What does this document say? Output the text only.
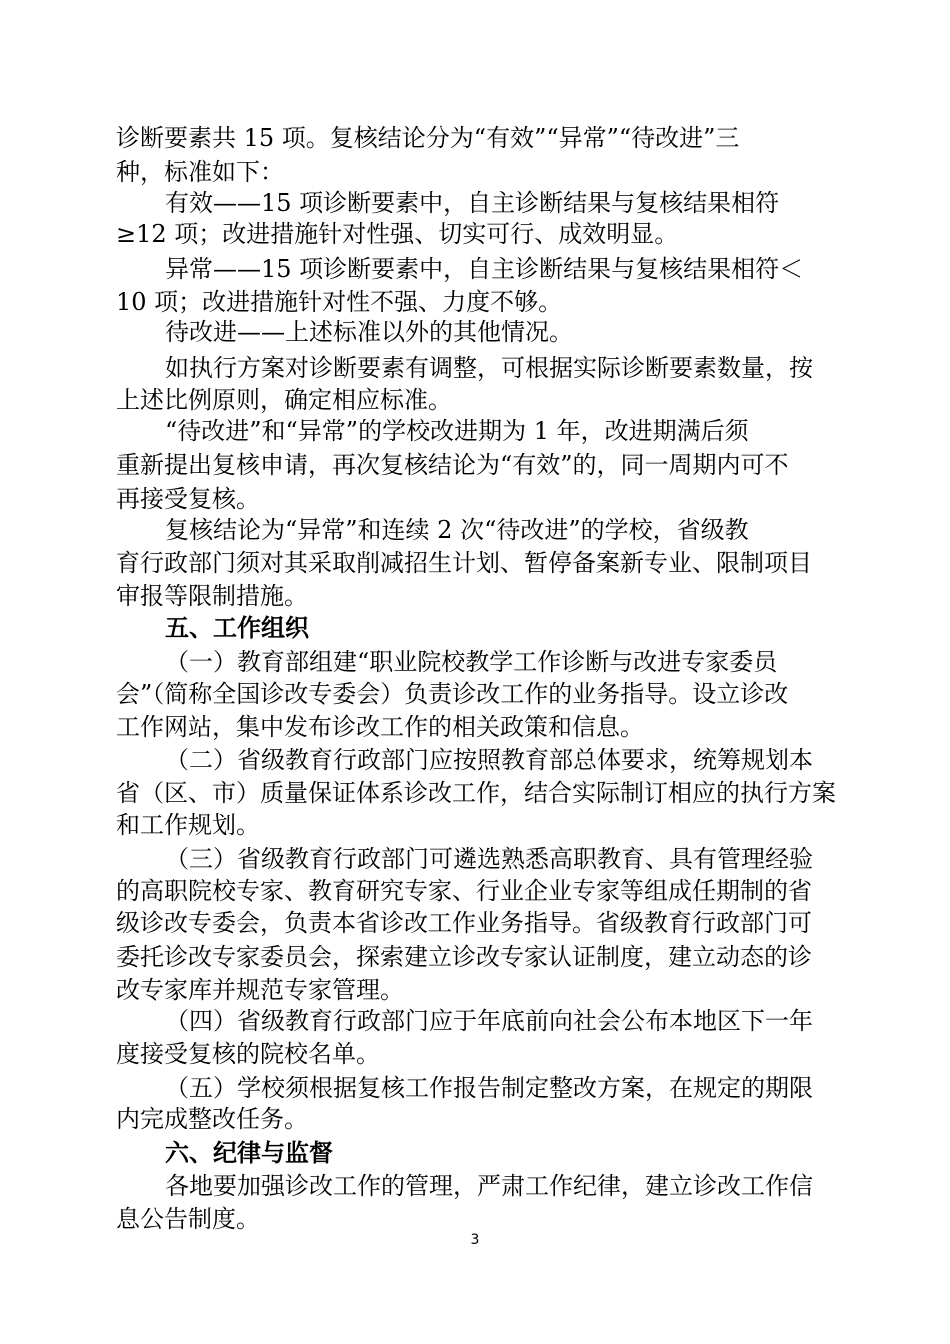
诊断要素共 15 项。复核结论分为“有效”“异常”“待改进”三
种，标准如下：
有效——15 项诊断要素中，自主诊断结果与复核结果相符
≥12 项；改进措施针对性强、切实可行、成效明显。
异常——15 项诊断要素中，自主诊断结果与复核结果相符＜
10 项；改进措施针对性不强、力度不够。
待改进——上述标准以外的其他情况。
如执行方案对诊断要素有调整，可根据实际诊断要素数量，按
上述比例原则，确定相应标准。
“待改进”和“异常”的学校改进期为 1 年，改进期满后须
重新提出复核申请，再次复核结论为“有效”的，同一周期内可不
再接受复核。
复核结论为“异常”和连续 2 次“待改进”的学校，省级教
育行政部门须对其采取削减招生计划、暂停备案新专业、限制项目
审报等限制措施。
五、工作组织
（一）教育部组建“职业院校教学工作诊断与改进专家委员
会”（简称全国诊改专委会）负责诊改工作的业务指导。设立诊改
工作网站，集中发布诊改工作的相关政策和信息。
（二）省级教育行政部门应按照教育部总体要求，统筹规划本
省（区、市）质量保证体系诊改工作，结合实际制订相应的执行方案
和工作规划。
（三）省级教育行政部门可遴选熟悉高职教育、具有管理经验
的高职院校专家、教育研究专家、行业企业专家等组成任期制的省
级诊改专委会，负责本省诊改工作业务指导。省级教育行政部门可
委托诊改专家委员会，探索建立诊改专家认证制度，建立动态的诊
改专家库并规范专家管理。
（四）省级教育行政部门应于年底前向社会公布本地区下一年
度接受复核的院校名单。
（五）学校须根据复核工作报告制定整改方案，在规定的期限
内完成整改任务。
六、纪律与监督
各地要加强诊改工作的管理，严肃工作纪律，建立诊改工作信
息公告制度。
3
